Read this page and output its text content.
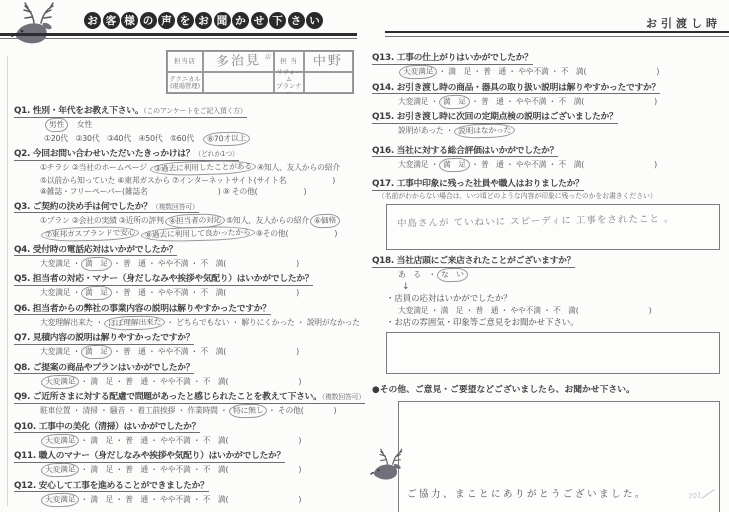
お 客 様 の 声 を お 聞 か せ 下 さ い	お引渡し時
担当店	多治見 店
担 当	中野
テクニカル
(現場管理)
リフォーム
プランナー
Q1. 性別・年代をお教え下さい。（このアンケートをご記入頂く方）
男性　女性
①20代　②30代　③40代　④50代　⑤60代　⑥70才以上
Q2. 今回お問い合わせいただいたきっかけは？（どれか1つ）
①チラシ ②当社のホームページ ③過去に利用したことがある ④知人、友人からの紹介
⑤以前から知っていた ⑥東邦ガスから ⑦インターネットサイト(サイト名	)
⑧雑誌・フリーペーパー(雑誌名	) ⑨ その他(	)
Q3. ご契約の決め手は何でしたか？（複数回答可）
①プラン ②会社の実績 ③近所の評判 ④担当者の対応 ⑤知人、友人からの紹介 ⑥価格
⑦東邦ガスブランドで安心 ⑧過去に利用して良かったから ⑨その他(	)
Q4. 受付時の電話応対はいかがでしたか？
大変満足 ・ 満　足 ・ 普　通 ・ やや不満 ・ 不　満(	)
Q5. 担当者の対応・マナー（身だしなみや挨拶や気配り）はいかがでしたか？
大変満足 ・ 満　足 ・ 普　通 ・ やや不満 ・ 不　満(	)
Q6. 担当者からの弊社の事業内容の説明は解りやすかったですか？
大変理解出来た ・ ほぼ理解出来た ・ どちらでもない ・ 解りにくかった ・ 説明がなかった
Q7. 見積内容の説明は解りやすかったですか？
大変満足 ・ 満　足 ・ 普　通 ・ やや不満 ・ 不　満(	)
Q8. ご提案の商品やプランはいかがでしたか？
大変満足 ・ 満　足 ・ 普　通 ・ やや不満 ・ 不　満(	)
Q9. ご近所さまに対する配慮で問題があったと感じられたことを教えて下さい。（複数回答可）
駐車位置 ・ 清掃 ・ 騒音 ・ 着工前挨拶 ・ 作業時間 ・ 特に無し ・ その他(	)
Q10. 工事中の美化（清掃）はいかがでしたか？
大変満足 ・ 満　足 ・ 普　通 ・ やや不満 ・ 不　満(	)
Q11. 職人のマナー（身だしなみや挨拶や気配り）はいかがでしたか？
大変満足 ・ 満　足 ・ 普　通 ・ やや不満 ・ 不　満(	)
Q12. 安心して工事を進めることができましたか？
大変満足 ・ 満　足 ・ 普　通 ・ やや不満 ・ 不　満(	)
Q13. 工事の仕上がりはいかがでしたか？
大変満足 ・ 満　足 ・ 普　通 ・ やや不満 ・ 不　満(	)
Q14. お引き渡し時の商品・器具の取り扱い説明は解りやすかったですか？
大変満足 ・ 満　足 ・ 普　通 ・ やや不満 ・ 不　満(	)
Q15. お引き渡し時に次回の定期点検の説明はございましたか？
説明があった ・ 説明はなかった
Q16. 当社に対する総合評価はいかがでしたか？
大変満足 ・ 満　足 ・ 普　通 ・ やや不満 ・ 不　満(	)
Q17. 工事中印象に残った社員や職人はおりましたか？
（名前がわからない場合は、いつ頃どのような内容が印象に残ったのかをお書きください）
中島さんが ていねいに スピーディに 工事をされたこと 。
Q18. 当社店頭にご来店されたことがございますか？
あ　る　・ な　い
↓
・店員の応対はいかがでしたか？
大変満足 ・ 満　足 ・ 普　通 ・ やや不満 ・ 不　満(	)
・お店の雰囲気・印象等ご意見をお聞かせ下さい。
●その他、ご意見・ご要望などございましたら、お聞かせ下さい。
ご協力、まことにありがとうございました。	701
